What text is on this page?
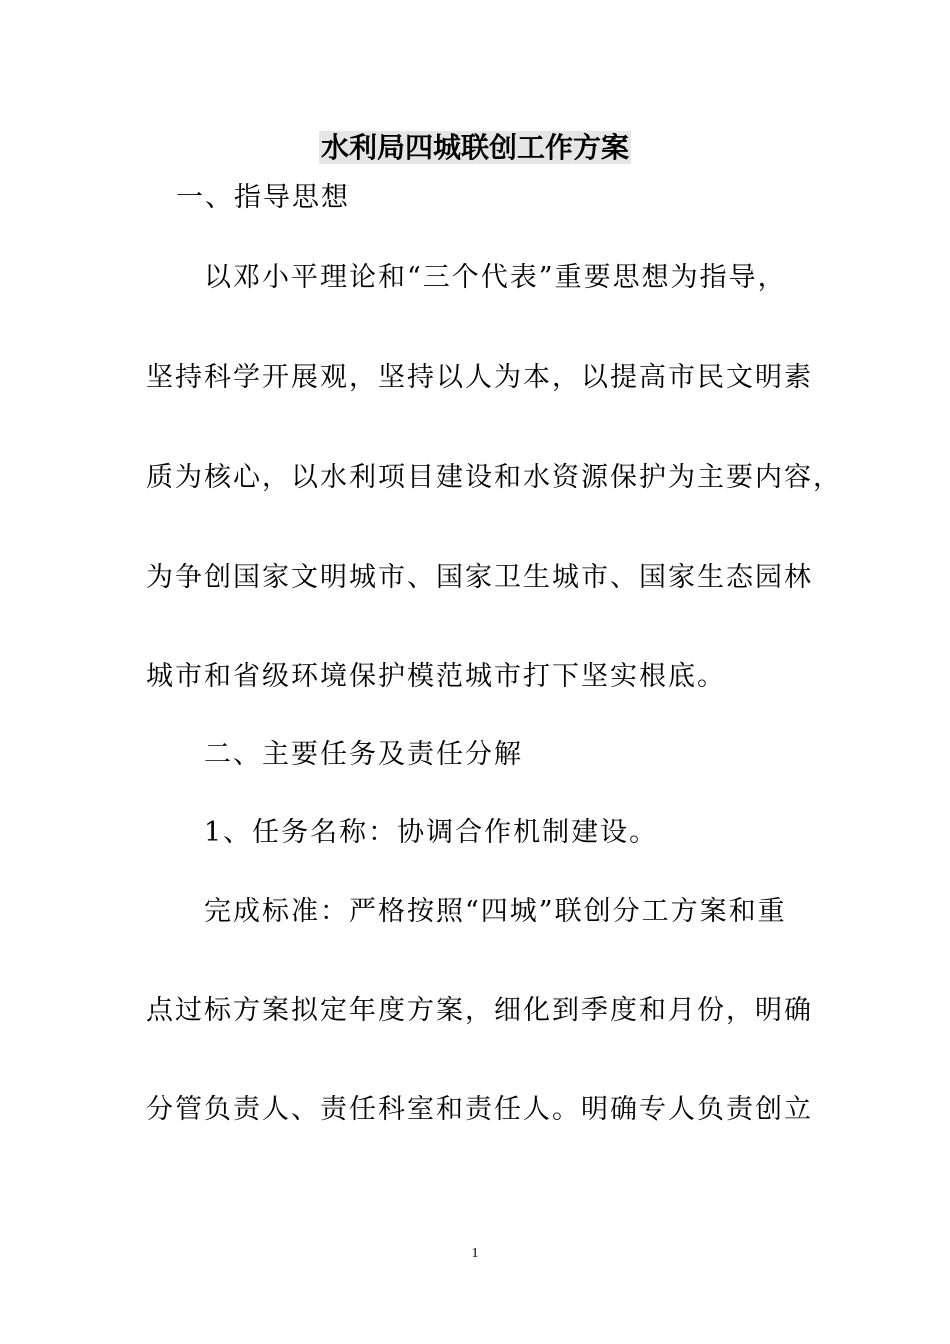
水利局四城联创工作方案
一、指导思想
以邓小平理论和“三个代表”重要思想为指导，
坚持科学开展观，坚持以人为本，以提高市民文明素
质为核心，以水利项目建设和水资源保护为主要内容，
为争创国家文明城市、国家卫生城市、国家生态园林
城市和省级环境保护模范城市打下坚实根底。
二、主要任务及责任分解
1、任务名称：协调合作机制建设。
完成标准：严格按照“四城”联创分工方案和重
点过标方案拟定年度方案，细化到季度和月份，明确
分管负责人、责任科室和责任人。明确专人负责创立
1
